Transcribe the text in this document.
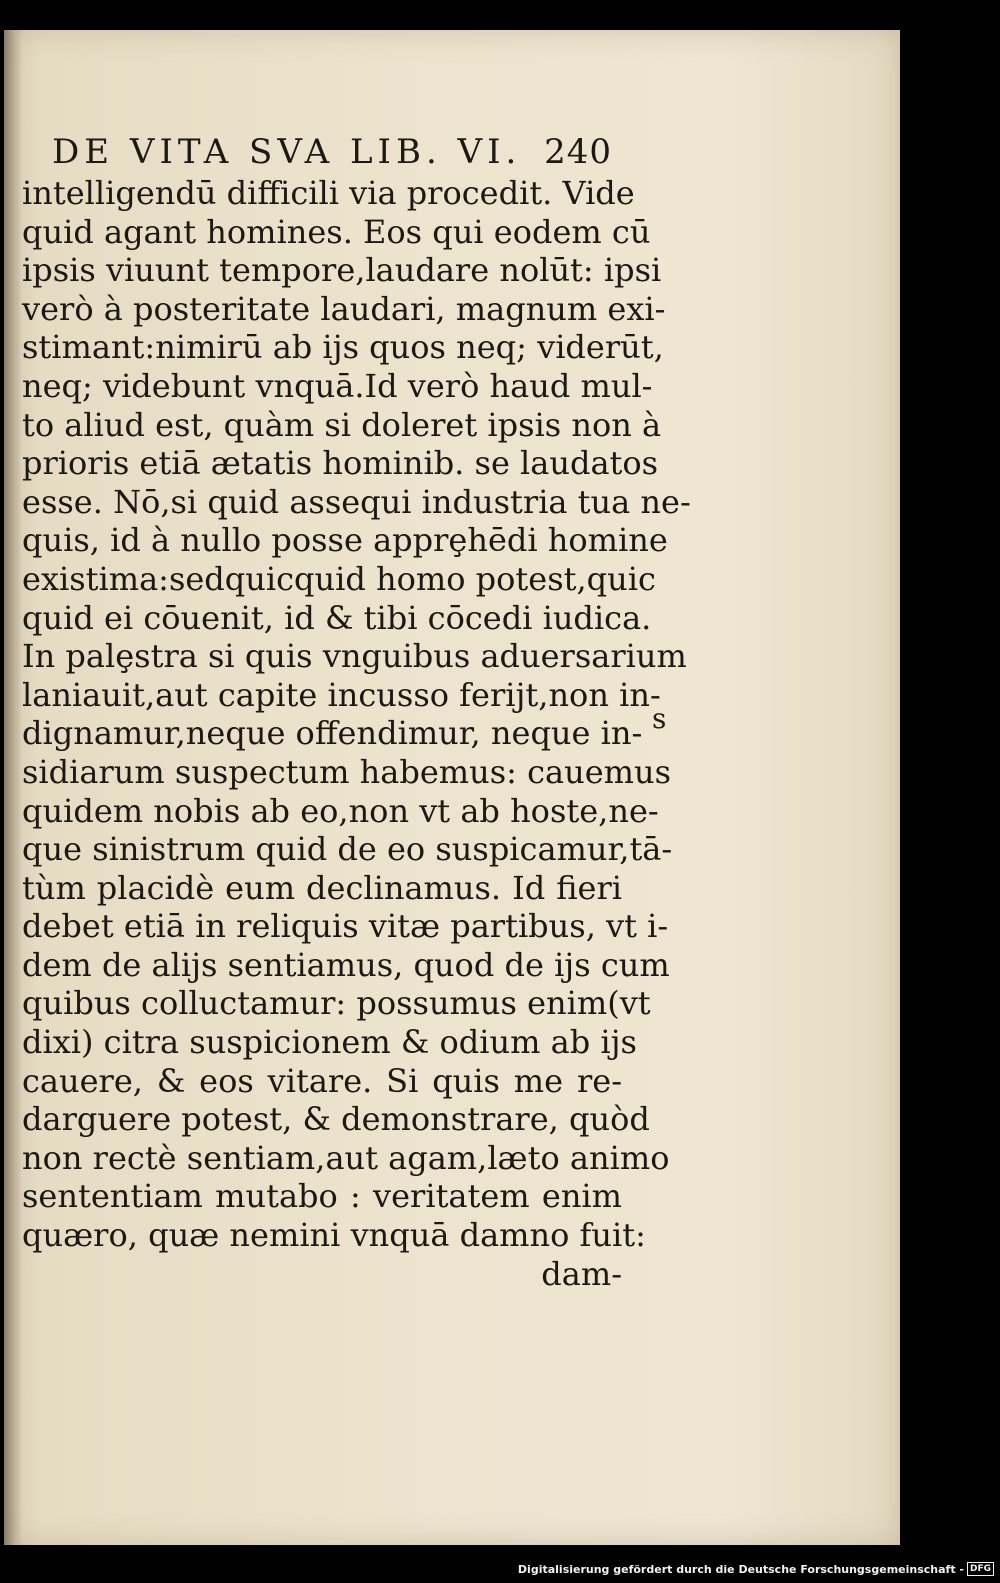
DE VITA SVA LIB. VI. 240
intelligendū difficili via procedit. Vide
quid agant homines. Eos qui eodem cū
ipsis viuunt tempore,laudare nolūt: ipsi
verò à posteritate laudari, magnum exi-
stimant:nimirū ab ijs quos neq; viderūt,
neq; videbunt vnquā.Id verò haud mul-
to aliud est, quàm si doleret ipsis non à
prioris etiā ætatis hominib. se laudatos
esse. Nō,si quid assequi industria tua ne-
quis, id à nullo posse apprȩhēdi homine
existima:sedquicquid homo potest,quic
quid ei cōuenit, id & tibi cōcedi iudica.
In palȩstra si quis vnguibus aduersarium
laniauit,aut capite incusso ferijt,non in-
dignamur,neque offendimur, neque in-
sidiarum suspectum habemus: cauemus
quidem nobis ab eo,non vt ab hoste,ne-
que sinistrum quid de eo suspicamur,tā-
tùm placidè eum declinamus. Id fieri
debet etiā in reliquis vitæ partibus, vt i-
dem de alijs sentiamus, quod de ijs cum
quibus colluctamur: possumus enim(vt
dixi) citra suspicionem & odium ab ijs
cauere, & eos vitare. Si quis me re-
darguere potest, & demonstrare, quòd
non rectè sentiam,aut agam,læto animo
sententiam mutabo : veritatem enim
quæro, quæ nemini vnquā damno fuit:
dam-
s
Digitalisierung gefördert durch die Deutsche Forschungsgemeinschaft - DFG
